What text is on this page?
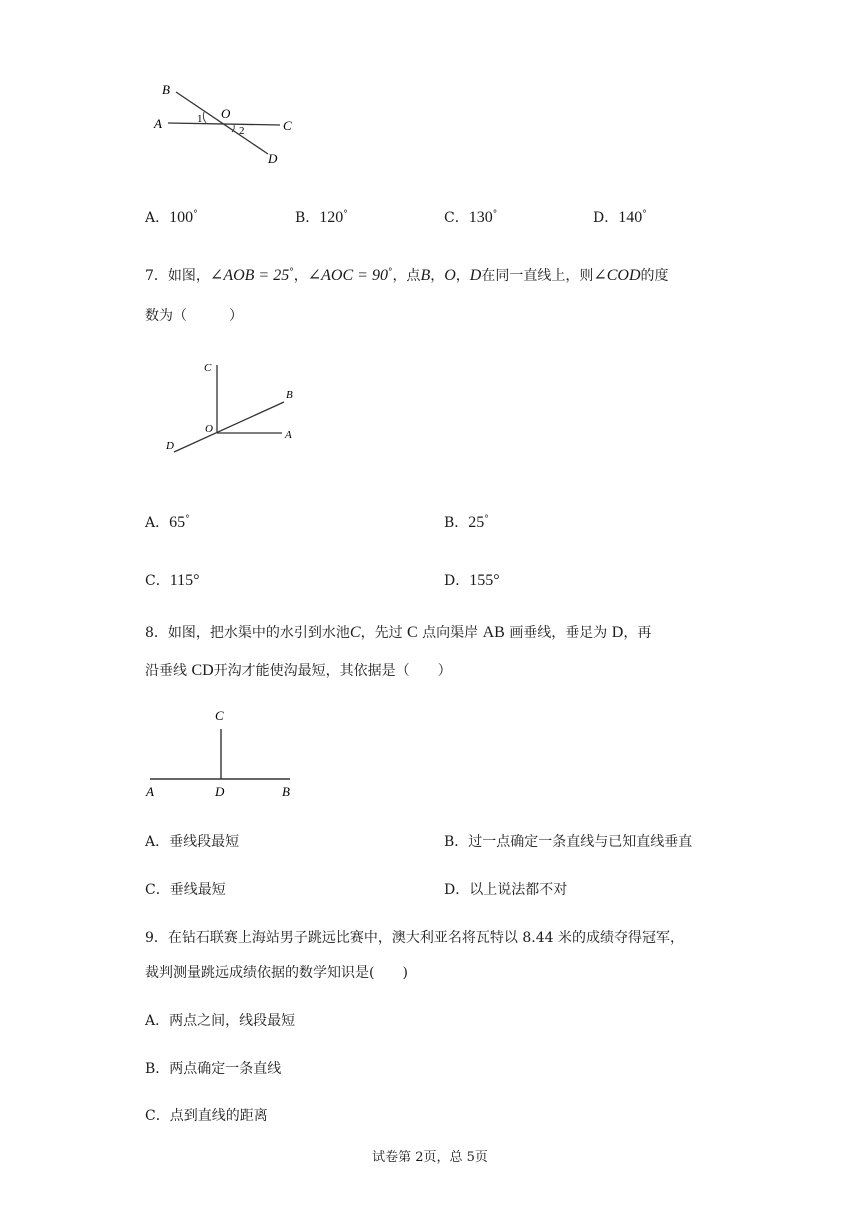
B
A
O
C
D
1
2
A．100°	B．120°	C．130°	D．140°
7．如图，∠AOB = 25°，∠AOC = 90°，点B，O，D在同一直线上，则∠COD的度
数为（　　　）
C
B
O	A
D
A．65°	B．25°
C．115°	D．155°
8．如图，把水渠中的水引到水池C，先过 C 点向渠岸 AB 画垂线，垂足为 D，再
沿垂线 CD开沟才能使沟最短，其依据是（　　）
C
A	D	B
A．垂线段最短	B．过一点确定一条直线与已知直线垂直
C．垂线最短	D．以上说法都不对
9．在钻石联赛上海站男子跳远比赛中，澳大利亚名将瓦特以 8.44 米的成绩夺得冠军，
裁判测量跳远成绩依据的数学知识是(　　)
A．两点之间，线段最短
B．两点确定一条直线
C．点到直线的距离
试卷第 2页，总 5页
